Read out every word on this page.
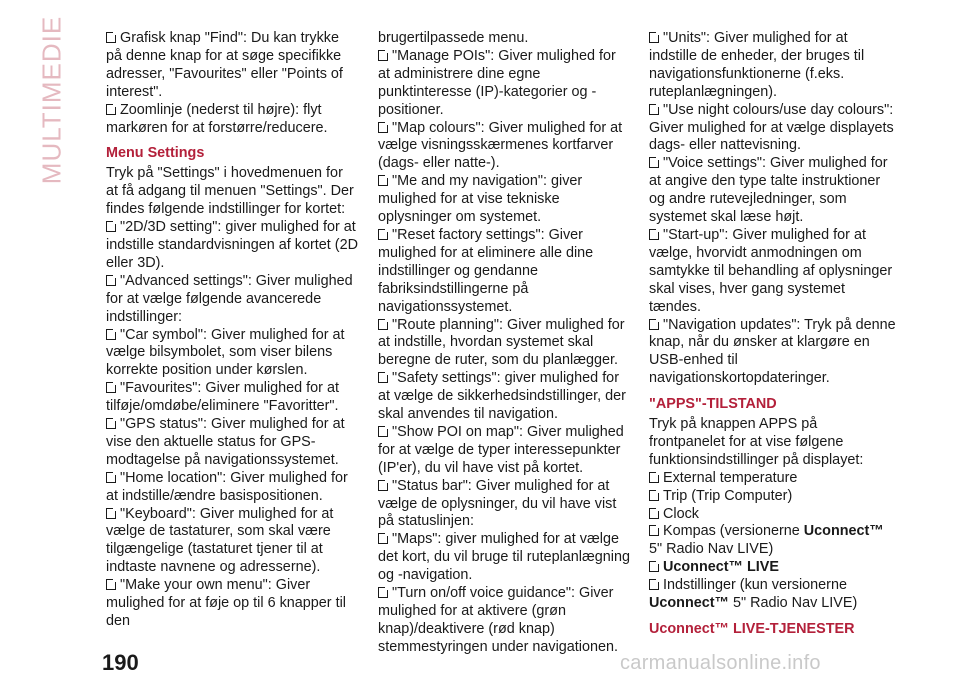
MULTIMEDIE	Grafisk knap "Find": Du kan trykke på denne knap for at søge specifikke adresser, "Favourites" eller "Points of interest".

Zoomlinje (nederst til højre): flyt markøren for at forstørre/reducere.

Menu Settings

Tryk på "Settings" i hovedmenuen for at få adgang til menuen "Settings". Der findes følgende indstillinger for kortet:

"2D/3D setting": giver mulighed for at indstille standardvisningen af kortet (2D eller 3D).

"Advanced settings": Giver mulighed for at vælge følgende avancerede indstillinger:

"Car symbol": Giver mulighed for at vælge bilsymbolet, som viser bilens korrekte position under kørslen.

"Favourites": Giver mulighed for at tilføje/omdøbe/eliminere "Favoritter".

"GPS status": Giver mulighed for at vise den aktuelle status for GPS-modtagelse på navigationssystemet.

"Home location": Giver mulighed for at indstille/ændre basispositionen.

"Keyboard": Giver mulighed for at vælge de tastaturer, som skal være tilgængelige (tastaturet tjener til at indtaste navnene og adresserne).

"Make your own menu": Giver mulighed for at føje op til 6 knapper til den

brugertilpassede menu.

"Manage POIs": Giver mulighed for at administrere dine egne punktinteresse (IP)-kategorier og -positioner.

"Map colours": Giver mulighed for at vælge visningsskærmenes kortfarver (dags- eller natte-).

"Me and my navigation": giver mulighed for at vise tekniske oplysninger om systemet.

"Reset factory settings": Giver mulighed for at eliminere alle dine indstillinger og gendanne fabriksindstillingerne på navigationssystemet.

"Route planning": Giver mulighed for at indstille, hvordan systemet skal beregne de ruter, som du planlægger.

"Safety settings": giver mulighed for at vælge de sikkerhedsindstillinger, der skal anvendes til navigation.

"Show POI on map": Giver mulighed for at vælge de typer interessepunkter (IP'er), du vil have vist på kortet.

"Status bar": Giver mulighed for at vælge de oplysninger, du vil have vist på statuslinjen:

"Maps": giver mulighed for at vælge det kort, du vil bruge til ruteplanlægning og -navigation.

"Turn on/off voice guidance": Giver mulighed for at aktivere (grøn knap)/deaktivere (rød knap) stemmestyringen under navigationen.

"Units": Giver mulighed for at indstille de enheder, der bruges til navigationsfunktionerne (f.eks. ruteplanlægningen).

"Use night colours/use day colours": Giver mulighed for at vælge displayets dags- eller nattevisning.

"Voice settings": Giver mulighed for at angive den type talte instruktioner og andre rutevejledninger, som systemet skal læse højt.

"Start-up": Giver mulighed for at vælge, hvorvidt anmodningen om samtykke til behandling af oplysninger skal vises, hver gang systemet tændes.

"Navigation updates": Tryk på denne knap, når du ønsker at klargøre en USB-enhed til navigationskortopdateringer.

"APPS"-TILSTAND

Tryk på knappen APPS på frontpanelet for at vise følgene funktionsindstillinger på displayet:

External temperature

Trip (Trip Computer)

Clock

Kompas (versionerne Uconnect™ 5" Radio Nav LIVE)

Uconnect™ LIVE

Indstillinger (kun versionerne Uconnect™ 5" Radio Nav LIVE)

Uconnect™ LIVE-TJENESTER

190	carmanualsonline.info
